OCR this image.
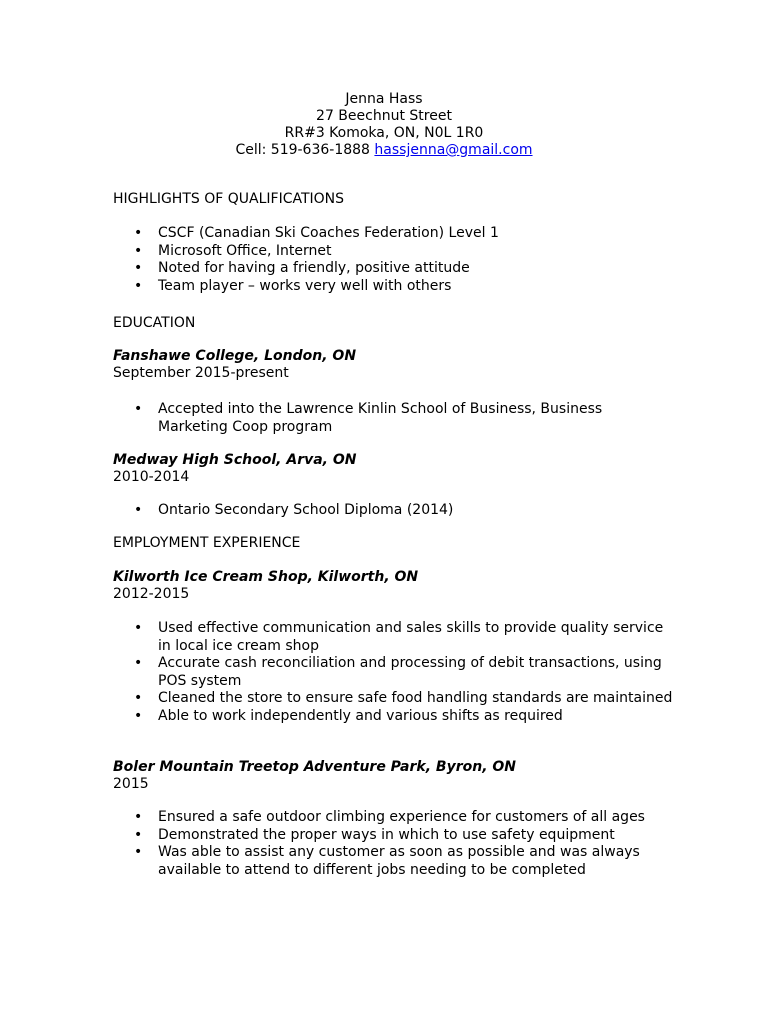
Jenna Hass
27 Beechnut Street
RR#3 Komoka, ON, N0L 1R0
Cell: 519-636-1888 hassjenna@gmail.com
HIGHLIGHTS OF QUALIFICATIONS
• CSCF (Canadian Ski Coaches Federation) Level 1
• Microsoft Office, Internet
• Noted for having a friendly, positive attitude
• Team player – works very well with others
EDUCATION
Fanshawe College, London, ON
September 2015-present
• Accepted into the Lawrence Kinlin School of Business, Business Marketing Coop program
Medway High School, Arva, ON
2010-2014
• Ontario Secondary School Diploma (2014)
EMPLOYMENT EXPERIENCE
Kilworth Ice Cream Shop, Kilworth, ON
2012-2015
• Used effective communication and sales skills to provide quality service in local ice cream shop
• Accurate cash reconciliation and processing of debit transactions, using POS system
• Cleaned the store to ensure safe food handling standards are maintained
• Able to work independently and various shifts as required
Boler Mountain Treetop Adventure Park, Byron, ON
2015
• Ensured a safe outdoor climbing experience for customers of all ages
• Demonstrated the proper ways in which to use safety equipment
• Was able to assist any customer as soon as possible and was always available to attend to different jobs needing to be completed
